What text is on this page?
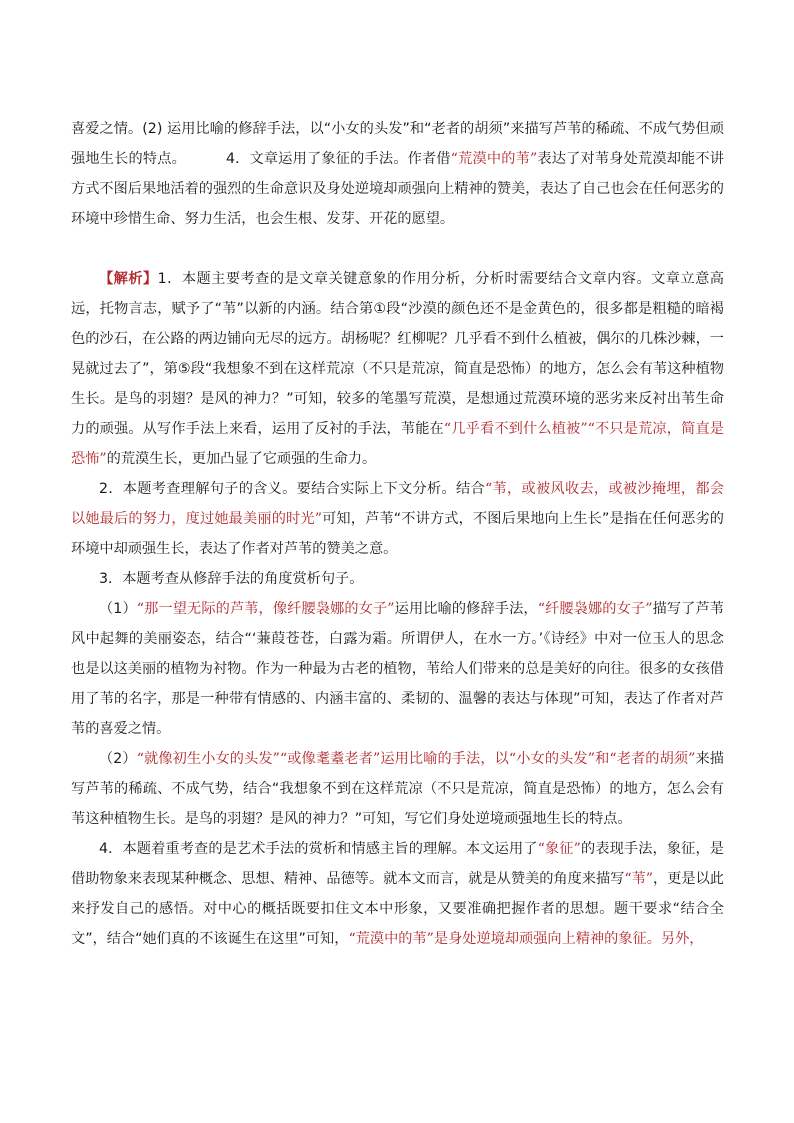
喜爱之情。(2) 运用比喻的修辞手法，以“小女的头发”和“老者的胡须”来描写芦苇的稀疏、不成气势但顽强地生长的特点。	4．文章运用了象征的手法。作者借“荒漠中的苇”表达了对苇身处荒漠却能不讲方式不图后果地活着的强烈的生命意识及身处逆境却顽强向上精神的赞美，表达了自己也会在任何恶劣的环境中珍惜生命、努力生活，也会生根、发芽、开花的愿望。

【解析】1．本题主要考查的是文章关键意象的作用分析，分析时需要结合文章内容。文章立意高远，托物言志，赋予了“苇”以新的内涵。结合第①段“沙漠的颜色还不是金黄色的，很多都是粗糙的暗褐色的沙石，在公路的两边铺向无尽的远方。胡杨呢？红柳呢？几乎看不到什么植被，偶尔的几株沙棘，一晃就过去了”，第⑤段“我想象不到在这样荒凉（不只是荒凉，简直是恐怖）的地方，怎么会有苇这种植物生长。是鸟的羽翅？是风的神力？”可知，较多的笔墨写荒漠，是想通过荒漠环境的恶劣来反衬出苇生命力的顽强。从写作手法上来看，运用了反衬的手法，苇能在“几乎看不到什么植被”“不只是荒凉，简直是恐怖”的荒漠生长，更加凸显了它顽强的生命力。

2．本题考查理解句子的含义。要结合实际上下文分析。结合“苇，或被风收去，或被沙掩埋，都会以她最后的努力，度过她最美丽的时光”可知，芦苇“不讲方式，不图后果地向上生长”是指在任何恶劣的环境中却顽强生长，表达了作者对芦苇的赞美之意。

3．本题考查从修辞手法的角度赏析句子。

（1）“那一望无际的芦苇，像纤腰袅娜的女子”运用比喻的修辞手法，“纤腰袅娜的女子”描写了芦苇风中起舞的美丽姿态，结合“‘蒹葭苍苍，白露为霜。所谓伊人，在水一方。’《诗经》中对一位玉人的思念也是以这美丽的植物为衬物。作为一种最为古老的植物，苇给人们带来的总是美好的向往。很多的女孩借用了苇的名字，那是一种带有情感的、内涵丰富的、柔韧的、温馨的表达与体现”可知，表达了作者对芦苇的喜爱之情。

（2）“就像初生小女的头发”“或像耄耋老者”运用比喻的手法，以“小女的头发”和“老者的胡须”来描写芦苇的稀疏、不成气势，结合“我想象不到在这样荒凉（不只是荒凉，简直是恐怖）的地方，怎么会有苇这种植物生长。是鸟的羽翅？是风的神力？”可知，写它们身处逆境顽强地生长的特点。

4．本题着重考查的是艺术手法的赏析和情感主旨的理解。本文运用了“象征”的表现手法，象征，是借助物象来表现某种概念、思想、精神、品德等。就本文而言，就是从赞美的角度来描写“苇”，更是以此来抒发自己的感悟。对中心的概括既要扣住文本中形象，又要准确把握作者的思想。题干要求“结合全文”，结合“她们真的不该诞生在这里”可知，“荒漠中的苇”是身处逆境却顽强向上精神的象征。另外，
